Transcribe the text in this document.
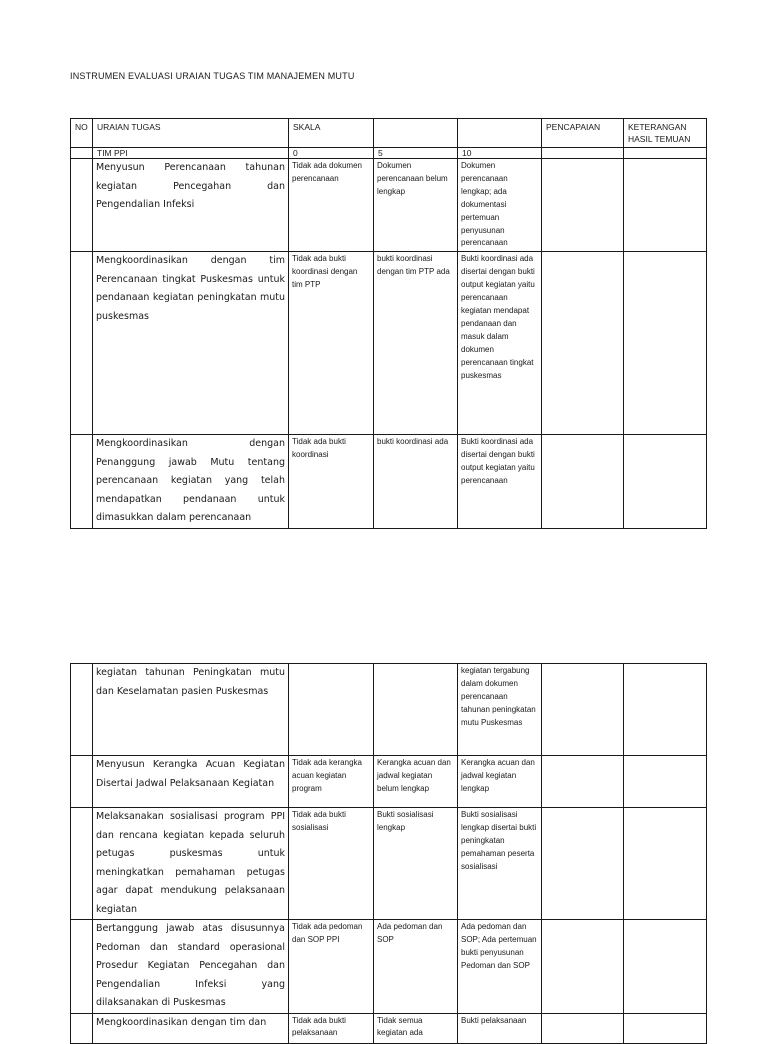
INSTRUMEN EVALUASI URAIAN TUGAS TIM MANAJEMEN MUTU
NO	URAIAN TUGAS	SKALA			PENCAPAIAN	KETERANGAN HASIL TEMUAN
	TIM PPI	0	5	10		
	Menyusun Perencanaan tahunan kegiatan Pencegahan dan Pengendalian Infeksi	Tidak ada dokumen perencanaan	Dokumen perencanaan belum lengkap	Dokumen perencanaan lengkap; ada dokumentasi pertemuan penyusunan perencanaan		
	Mengkoordinasikan dengan tim Perencanaan tingkat Puskesmas untuk pendanaan kegiatan peningkatan mutu puskesmas	Tidak ada bukti koordinasi dengan tim PTP	bukti koordinasi dengan tim PTP ada	Bukti koordinasi ada disertai dengan bukti output kegiatan yaitu perencanaan kegiatan mendapat pendanaan dan masuk dalam dokumen perencanaan tingkat puskesmas		
	Mengkoordinasikan dengan Penanggung jawab Mutu tentang perencanaan kegiatan yang telah mendapatkan pendanaan untuk dimasukkan dalam perencanaan	Tidak ada bukti koordinasi	bukti koordinasi ada	Bukti koordinasi ada disertai dengan bukti output kegiatan yaitu perencanaan		
	kegiatan tahunan Peningkatan mutu dan Keselamatan pasien Puskesmas			kegiatan tergabung dalam dokumen perencanaan tahunan peningkatan mutu Puskesmas		
	Menyusun Kerangka Acuan Kegiatan Disertai Jadwal Pelaksanaan Kegiatan	Tidak ada kerangka acuan kegiatan program	Kerangka acuan dan jadwal kegiatan belum lengkap	Kerangka acuan dan jadwal kegiatan lengkap		
	Melaksanakan sosialisasi program PPI dan rencana kegiatan kepada seluruh petugas puskesmas untuk meningkatkan pemahaman petugas agar dapat mendukung pelaksanaan kegiatan	Tidak ada bukti sosialisasi	Bukti sosialisasi lengkap	Bukti sosialisasi lengkap disertai bukti peningkatan pemahaman peserta sosialisasi		
	Bertanggung jawab atas disusunnya Pedoman dan standard operasional Prosedur Kegiatan Pencegahan dan Pengendalian Infeksi yang dilaksanakan di Puskesmas	Tidak ada pedoman dan SOP PPI	Ada pedoman dan SOP	Ada pedoman dan SOP; Ada pertemuan bukti penyusunan Pedoman dan SOP		
	Mengkoordinasikan dengan tim dan	Tidak ada bukti pelaksanaan	Tidak semua kegiatan ada	Bukti pelaksanaan		
